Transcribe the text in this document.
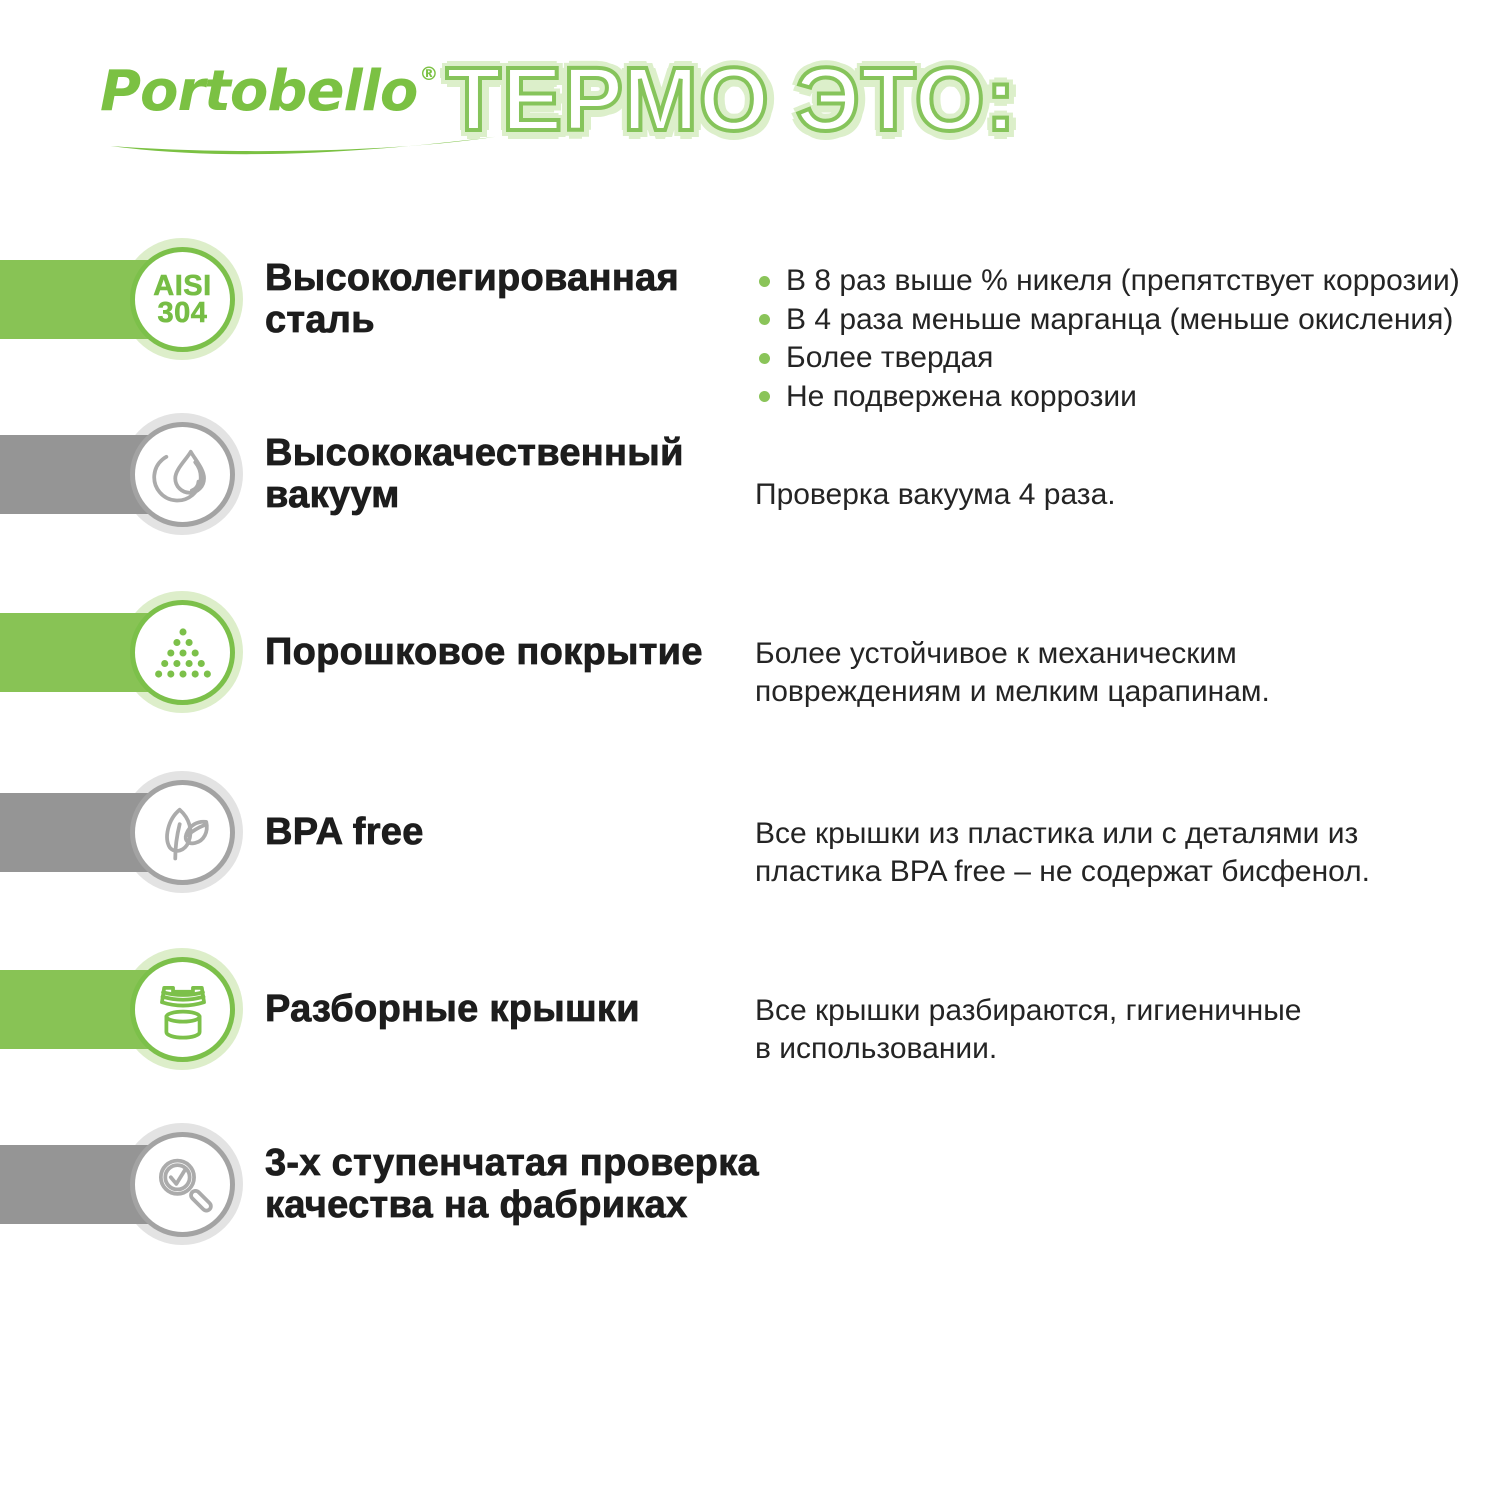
Portobello ® ТЕРМО ЭТО:
AISI
304
Высоколегированная
сталь
В 8 раз выше % никеля (препятствует коррозии)
В 4 раза меньше марганца (меньше окисления)
Более твердая
Не подвержена коррозии
Высококачественный
вакуум	Проверка вакуума 4 раза.
Порошковое покрытие Более устойчивое к механическим
повреждениям и мелким царапинам.
BPA free	Все крышки из пластика или с деталями из
пластика BPA free – не содержат бисфенол.
Разборные крышки	Все крышки разбираются, гигиеничные
в использовании.
3-х ступенчатая проверка
качества на фабриках
